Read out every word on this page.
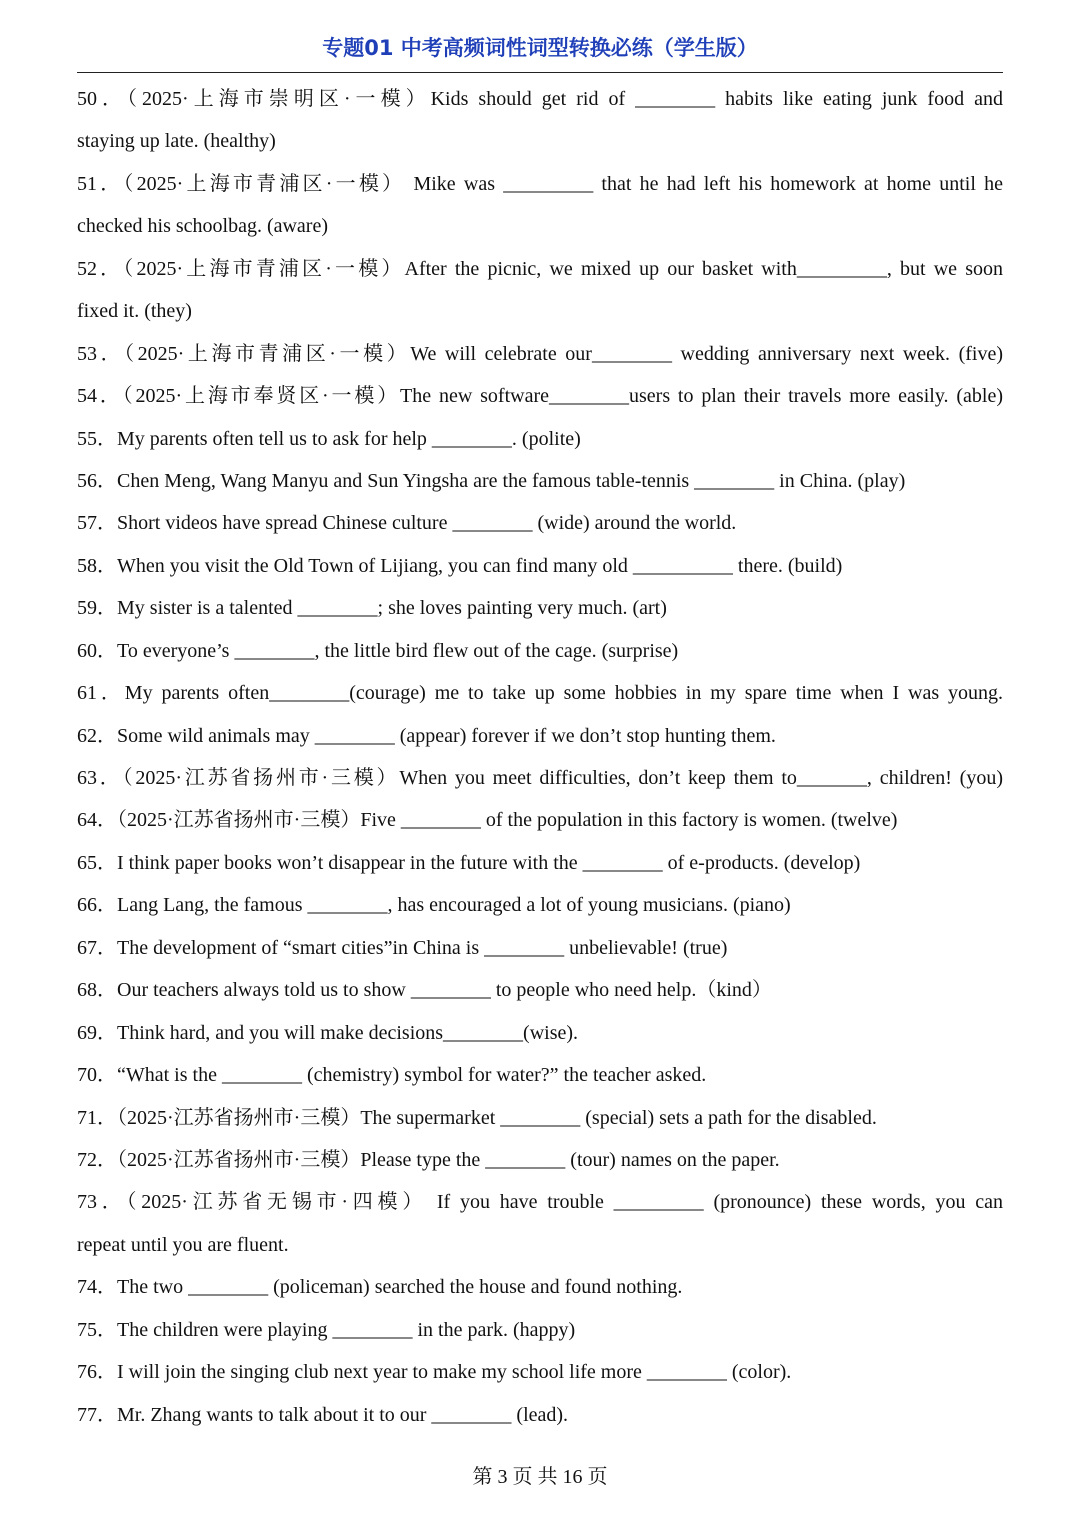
专题01 中考高频词性词型转换必练（学生版）
50．（2025·上海市崇明区·一模）Kids should get rid of ________ habits like eating junk food and
staying up late. (healthy)
51．（2025·上海市青浦区·一模） Mike was _________ that he had left his homework at home until he
checked his schoolbag. (aware)
52．（2025·上海市青浦区·一模）After the picnic, we mixed up our basket with_________, but we soon
fixed it. (they)
53．（2025·上海市青浦区·一模）We will celebrate our________ wedding anniversary next week. (five)
54．（2025·上海市奉贤区·一模）The new software________users to plan their travels more easily. (able)
55．My parents often tell us to ask for help ________. (polite)
56．Chen Meng, Wang Manyu and Sun Yingsha are the famous table-tennis ________ in China. (play)
57．Short videos have spread Chinese culture ________ (wide) around the world.
58．When you visit the Old Town of Lijiang, you can find many old __________ there. (build)
59．My sister is a talented ________; she loves painting very much. (art)
60．To everyone’s ________, the little bird flew out of the cage. (surprise)
61．My parents often________(courage) me to take up some hobbies in my spare time when I was young.
62．Some wild animals may ________ (appear) forever if we don’t stop hunting them.
63．（2025·江苏省扬州市·三模）When you meet difficulties, don’t keep them to_______, children! (you)
64．（2025·江苏省扬州市·三模）Five ________ of the population in this factory is women. (twelve)
65．I think paper books won’t disappear in the future with the ________ of e-products. (develop)
66．Lang Lang, the famous ________, has encouraged a lot of young musicians. (piano)
67．The development of “smart cities”in China is ________ unbelievable! (true)
68．Our teachers always told us to show ________ to people who need help.（kind）
69．Think hard, and you will make decisions________(wise).
70．“What is the ________ (chemistry) symbol for water?” the teacher asked.
71．（2025·江苏省扬州市·三模）The supermarket ________ (special) sets a path for the disabled.
72．（2025·江苏省扬州市·三模）Please type the ________ (tour) names on the paper.
73．（2025·江苏省无锡市·四模） If you have trouble _________ (pronounce) these words, you can
repeat until you are fluent.
74．The two ________ (policeman) searched the house and found nothing.
75．The children were playing ________ in the park. (happy)
76．I will join the singing club next year to make my school life more ________ (color).
77．Mr. Zhang wants to talk about it to our ________ (lead).
第 3 页 共 16 页
